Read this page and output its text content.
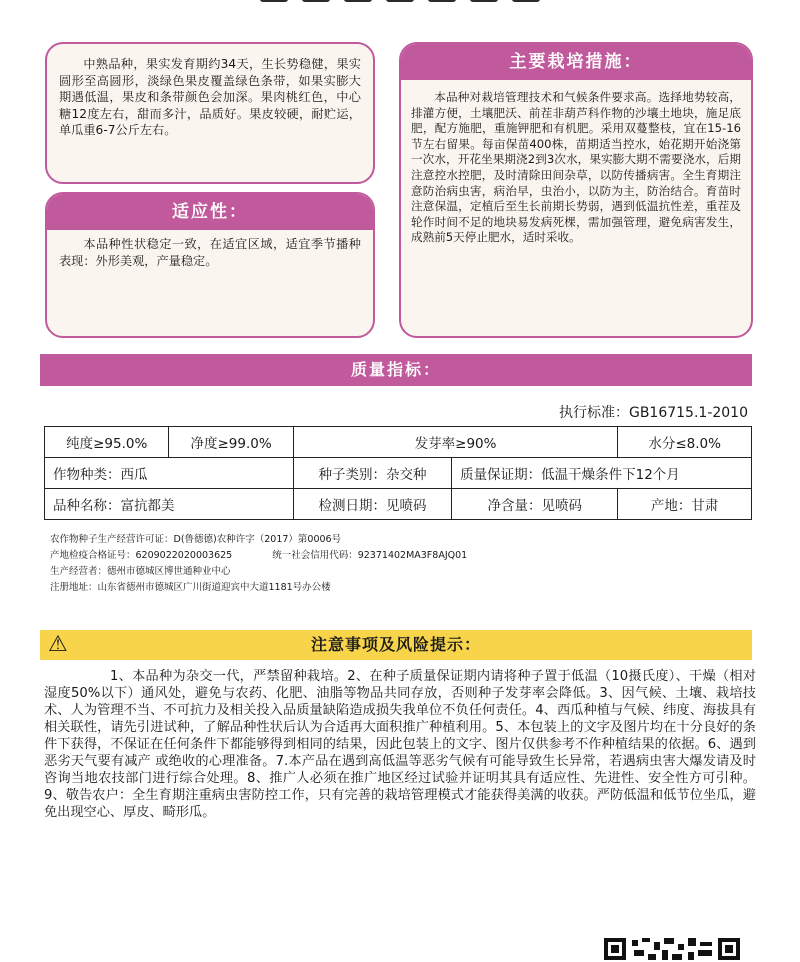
中熟品种，果实发育期约34天，生长势稳健，果实圆形至高圆形，淡绿色果皮覆盖绿色条带，如果实膨大期遇低温，果皮和条带颜色会加深。果肉桃红色，中心糖12度左右，甜而多汁，品质好。果皮较硬，耐贮运，单瓜重6-7公斤左右。
适应性：
本品种性状稳定一致，在适宜区域，适宜季节播种表现：外形美观，产量稳定。
主要栽培措施：
本品种对栽培管理技术和气候条件要求高。选择地势较高，排灌方便，土壤肥沃、前茬非葫芦科作物的沙壤土地块，施足底肥，配方施肥，重施钾肥和有机肥。采用双蔓整枝，宜在15-16节左右留果。每亩保苗400株，苗期适当控水，始花期开始浇第一次水，开花坐果期浇2到3次水，果实膨大期不需要浇水，后期注意控水控肥，及时清除田间杂草，以防传播病害。全生育期注意防治病虫害，病治早，虫治小，以防为主，防治结合。育苗时注意保温，定植后至生长前期长势弱，遇到低温抗性差，重茬及轮作时间不足的地块易发病死棵，需加强管理，避免病害发生，成熟前5天停止肥水，适时采收。
质量指标：
执行标准：GB16715.1-2010
纯度≥95.0%	净度≥99.0%	发芽率≥90%		水分≤8.0%
作物种类：西瓜		种子类别：杂交种	质量保证期：低温干燥条件下12个月	
品种名称：富抗都美		检测日期：见喷码	净含量：见喷码	产地：甘肃
农作物种子生产经营许可证：D(鲁德德)农种许字（2017）第0006号
产地检疫合格证号：6209022020003625	统一社会信用代码：92371402MA3F8AJQ01
生产经营者：德州市德城区博世通种业中心
注册地址：山东省德州市德城区广川街道迎宾中大道1181号办公楼
⚠	注意事项及风险提示：
1、本品种为杂交一代，严禁留种栽培。2、在种子质量保证期内请将种子置于低温（10摄氏度）、干燥（相对湿度50%以下）通风处，避免与农药、化肥、油脂等物品共同存放，否则种子发芽率会降低。3、因气候、土壤、栽培技术、人为管理不当、不可抗力及相关投入品质量缺陷造成损失我单位不负任何责任。4、西瓜种植与气候、纬度、海拔具有相关联性，请先引进试种，了解品种性状后认为合适再大面积推广种植利用。5、本包装上的文字及图片均在十分良好的条件下获得，不保证在任何条件下都能够得到相同的结果，因此包装上的文字、图片仅供参考不作种植结果的依据。6、遇到恶劣天气要有减产 或绝收的心理准备。7.本产品在遇到高低温等恶劣气候有可能导致生长异常，若遇病虫害大爆发请及时咨询当地农技部门进行综合处理。8、推广人必须在推广地区经过试验并证明其具有适应性、先进性、安全性方可引种。9、敬告农户：全生育期注重病虫害防控工作，只有完善的栽培管理模式才能获得美满的收获。严防低温和低节位坐瓜，避免出现空心、厚皮、畸形瓜。
